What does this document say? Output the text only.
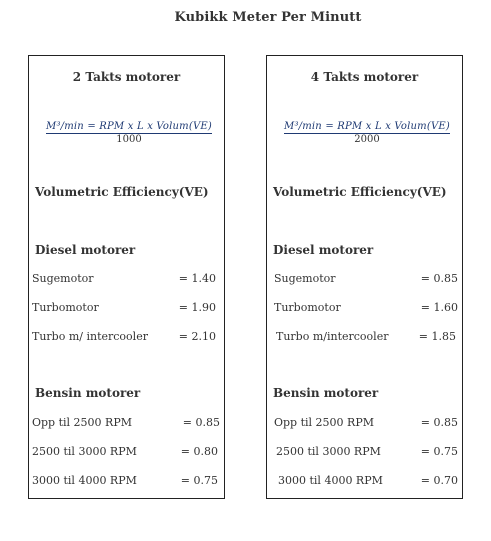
Kubikk Meter Per Minutt
2 Takts motorer
M³/min = RPM x L x Volum(VE)
1000
Volumetric Efficiency(VE)
Diesel motorer
Sugemotor	= 1.40
Turbomotor	= 1.90
Turbo m/ intercooler	= 2.10
Bensin motorer
Opp til 2500 RPM	= 0.85
2500 til 3000 RPM	= 0.80
3000 til 4000 RPM	= 0.75
4 Takts motorer
M³/min = RPM x L x Volum(VE)
2000
Volumetric Efficiency(VE)
Diesel motorer
Sugemotor	= 0.85
Turbomotor	= 1.60
Turbo m/intercooler	= 1.85
Bensin motorer
Opp til 2500 RPM	= 0.85
2500 til 3000 RPM	= 0.75
3000 til 4000 RPM	= 0.70
